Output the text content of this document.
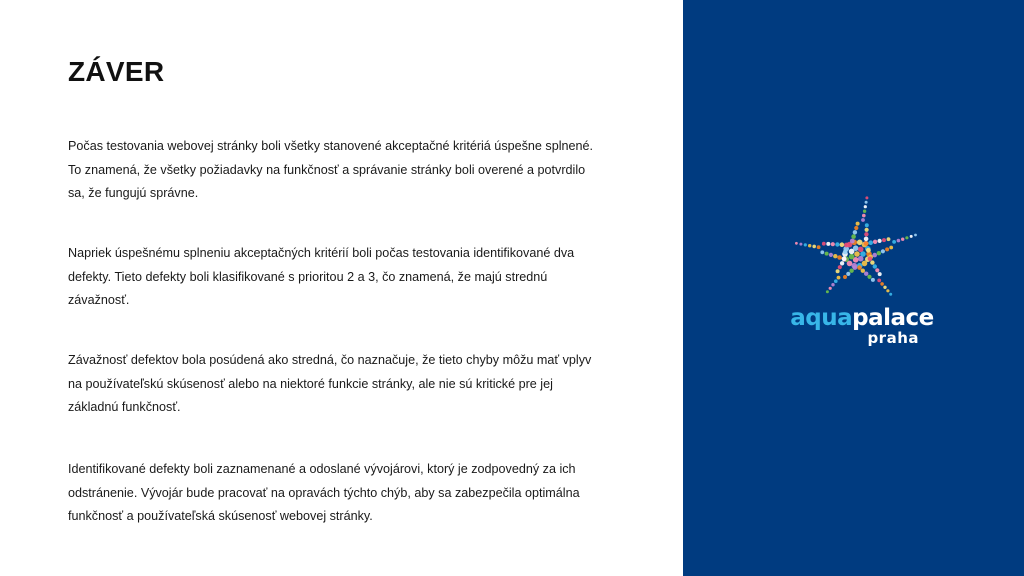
ZÁVER
Počas testovania webovej stránky boli všetky stanovené akceptačné kritériá úspešne splnené. To znamená, že všetky požiadavky na funkčnosť a správanie stránky boli overené a potvrdilo sa, že fungujú správne.
Napriek úspešnému splneniu akceptačných kritérií boli počas testovania identifikované dva defekty. Tieto defekty boli klasifikované s prioritou 2 a 3, čo znamená, že majú strednú závažnosť.
Závažnosť defektov bola posúdená ako stredná, čo naznačuje, že tieto chyby môžu mať vplyv na používateľskú skúsenosť alebo na niektoré funkcie stránky, ale nie sú kritické pre jej základnú funkčnosť.
Identifikované defekty boli zaznamenané a odoslané vývojárovi, ktorý je zodpovedný za ich odstránenie. Vývojár bude pracovať na opravách týchto chýb, aby sa zabezpečila optimálna funkčnosť a používateľská skúsenosť webovej stránky.
aquapalace
praha
